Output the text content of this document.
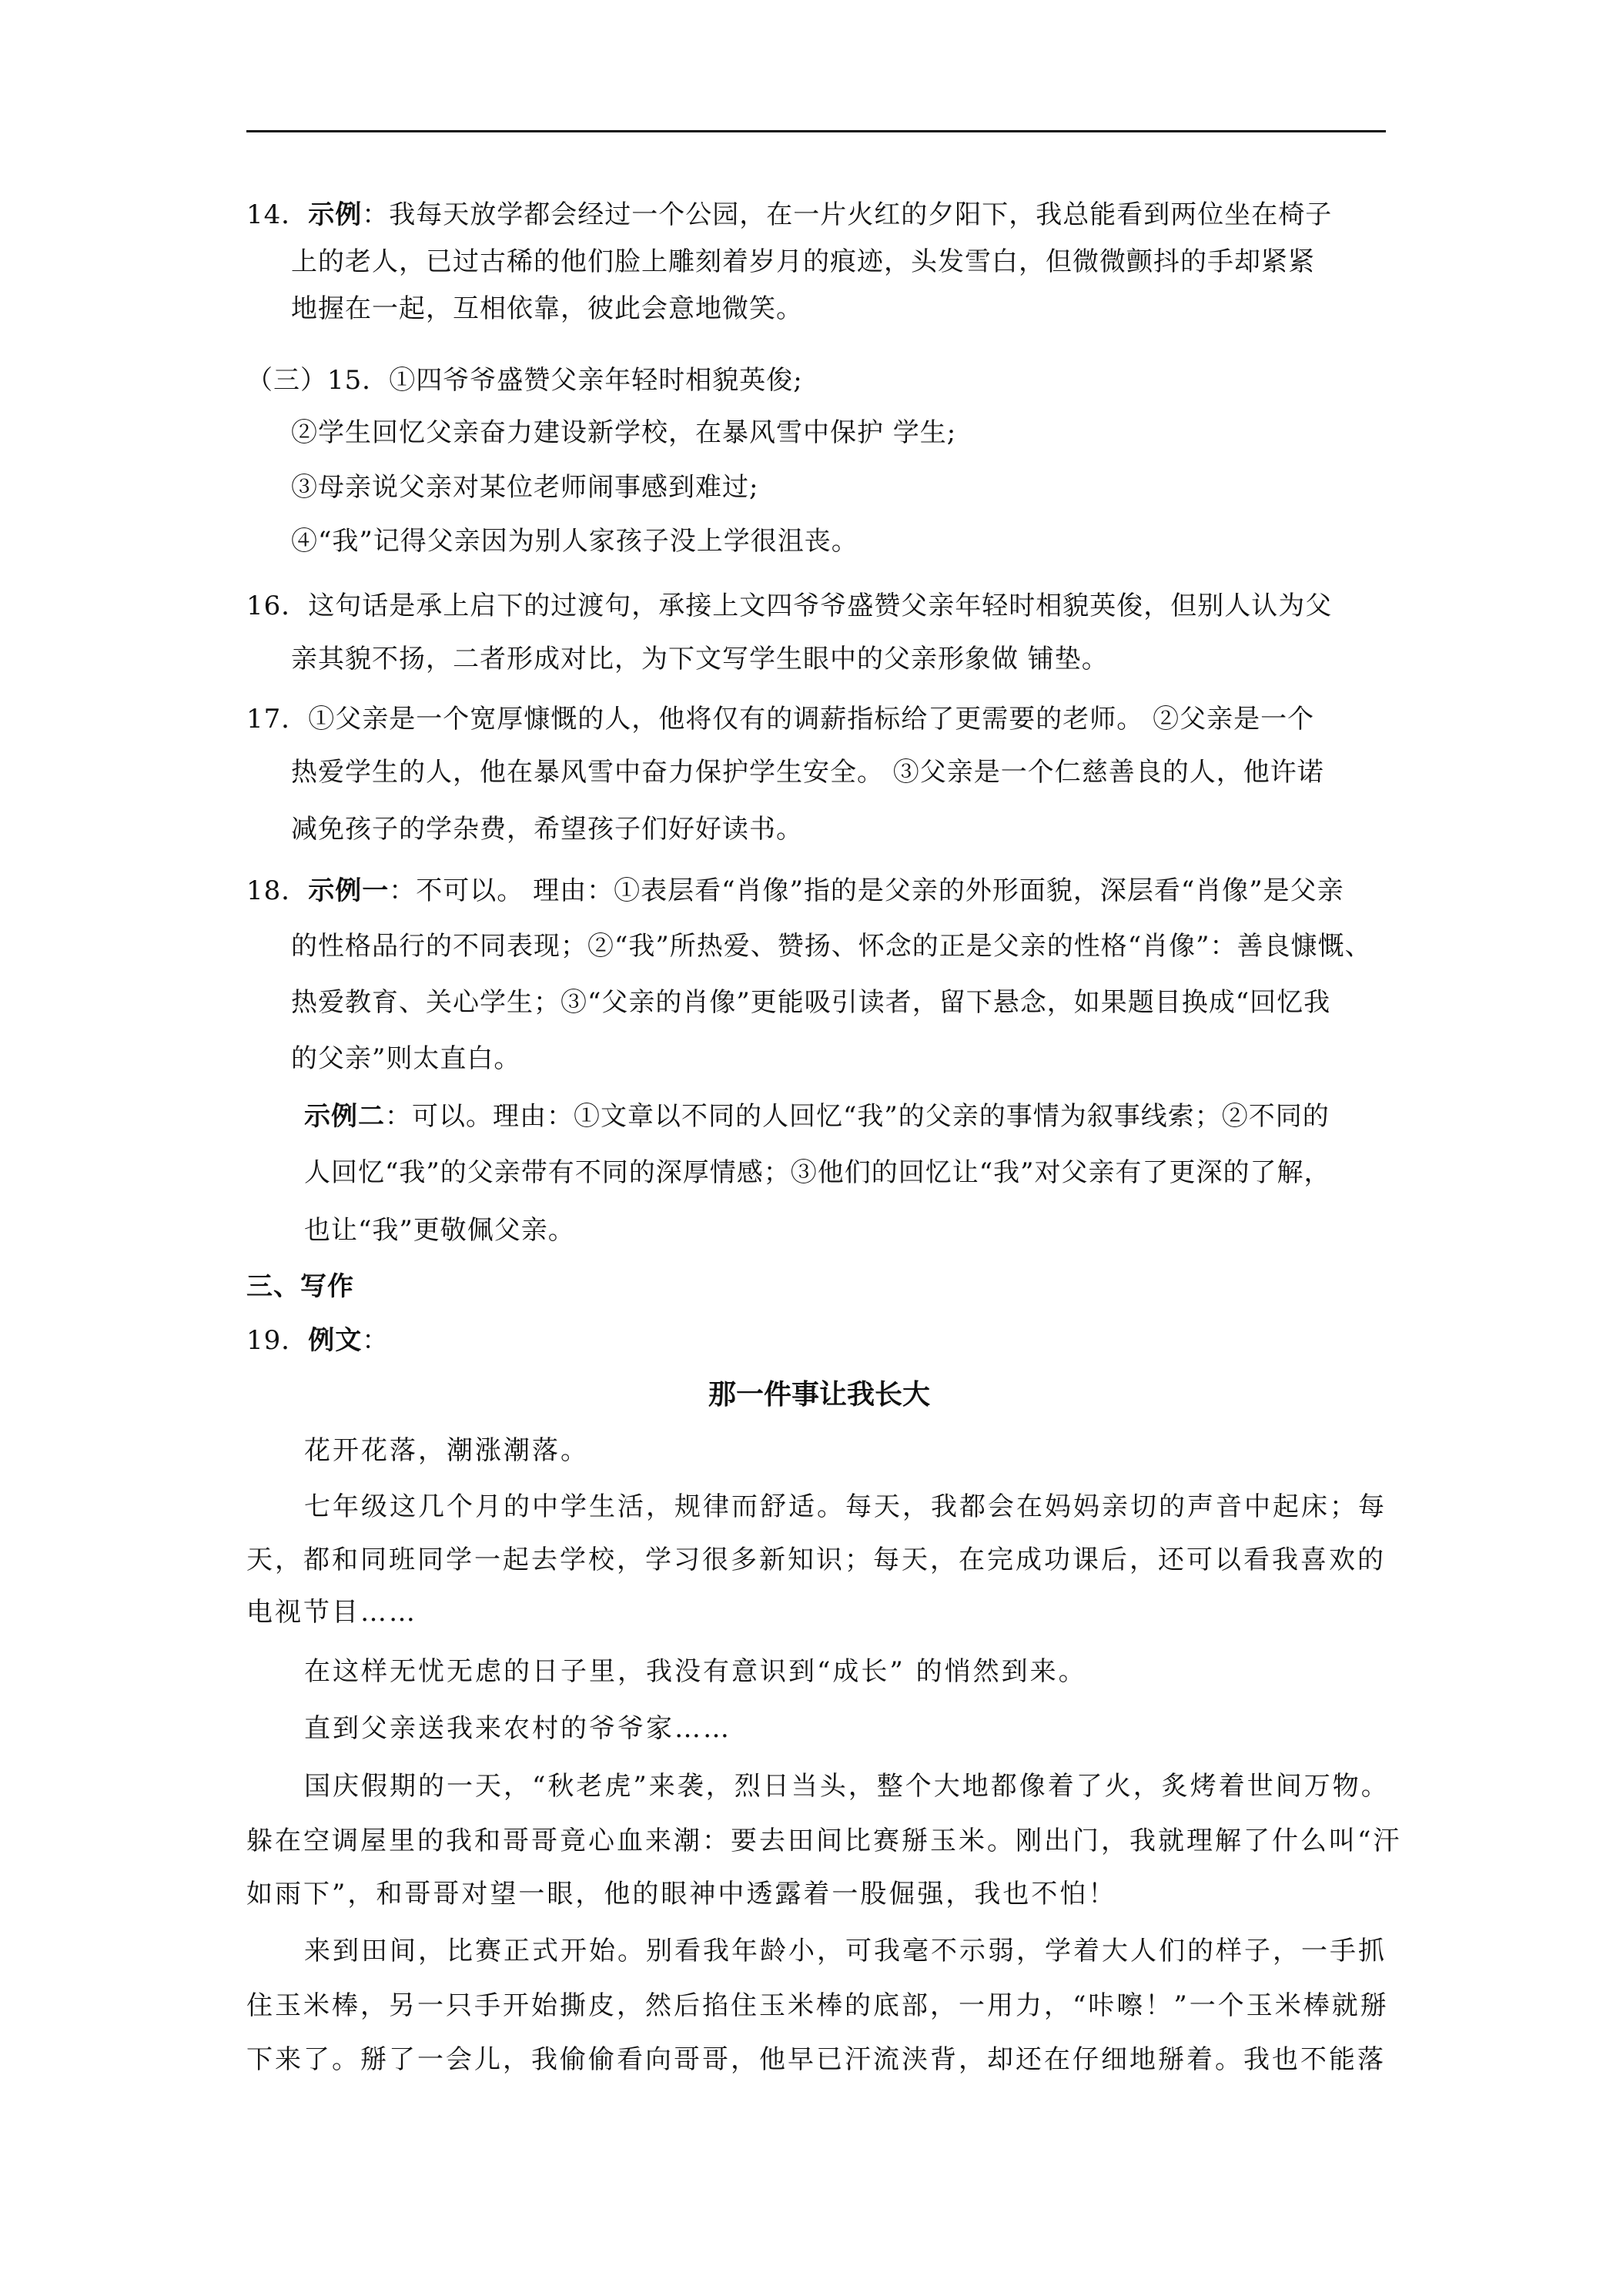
14．示例：我每天放学都会经过一个公园，在一片火红的夕阳下，我总能看到两位坐在椅子
上的老人，已过古稀的他们脸上雕刻着岁月的痕迹，头发雪白，但微微颤抖的手却紧紧
地握在一起，互相依靠，彼此会意地微笑。
（三）15．①四爷爷盛赞父亲年轻时相貌英俊;
②学生回忆父亲奋力建设新学校，在暴风雪中保护 学生;
③母亲说父亲对某位老师闹事感到难过;
④“我”记得父亲因为别人家孩子没上学很沮丧。
16．这句话是承上启下的过渡句，承接上文四爷爷盛赞父亲年轻时相貌英俊，但别人认为父
亲其貌不扬，二者形成对比，为下文写学生眼中的父亲形象做 铺垫。
17．①父亲是一个宽厚慷慨的人，他将仅有的调薪指标给了更需要的老师。 ②父亲是一个
热爱学生的人，他在暴风雪中奋力保护学生安全。 ③父亲是一个仁慈善良的人，他许诺
减免孩子的学杂费，希望孩子们好好读书。
18．示例一：不可以。 理由：①表层看“肖像”指的是父亲的外形面貌，深层看“肖像”是父亲
的性格品行的不同表现；②“我”所热爱、赞扬、怀念的正是父亲的性格“肖像”：善良慷慨、
热爱教育、关心学生；③“父亲的肖像”更能吸引读者，留下悬念，如果题目换成“回忆我
的父亲”则太直白。
示例二：可以。理由：①文章以不同的人回忆“我”的父亲的事情为叙事线索；②不同的
人回忆“我”的父亲带有不同的深厚情感；③他们的回忆让“我”对父亲有了更深的了解，
也让“我”更敬佩父亲。
三、写作
19．例文：
那一件事让我长大
花开花落，潮涨潮落。
七年级这几个月的中学生活，规律而舒适。每天，我都会在妈妈亲切的声音中起床；每
天，都和同班同学一起去学校，学习很多新知识；每天，在完成功课后，还可以看我喜欢的
电视节目……
在这样无忧无虑的日子里，我没有意识到“成长” 的悄然到来。
直到父亲送我来农村的爷爷家……
国庆假期的一天，“秋老虎”来袭，烈日当头，整个大地都像着了火，炙烤着世间万物。
躲在空调屋里的我和哥哥竟心血来潮：要去田间比赛掰玉米。刚出门，我就理解了什么叫“汗
如雨下”，和哥哥对望一眼，他的眼神中透露着一股倔强，我也不怕！
来到田间，比赛正式开始。别看我年龄小，可我毫不示弱，学着大人们的样子，一手抓
住玉米棒，另一只手开始撕皮，然后掐住玉米棒的底部，一用力，“咔嚓！”一个玉米棒就掰
下来了。掰了一会儿，我偷偷看向哥哥，他早已汗流浃背，却还在仔细地掰着。我也不能落
